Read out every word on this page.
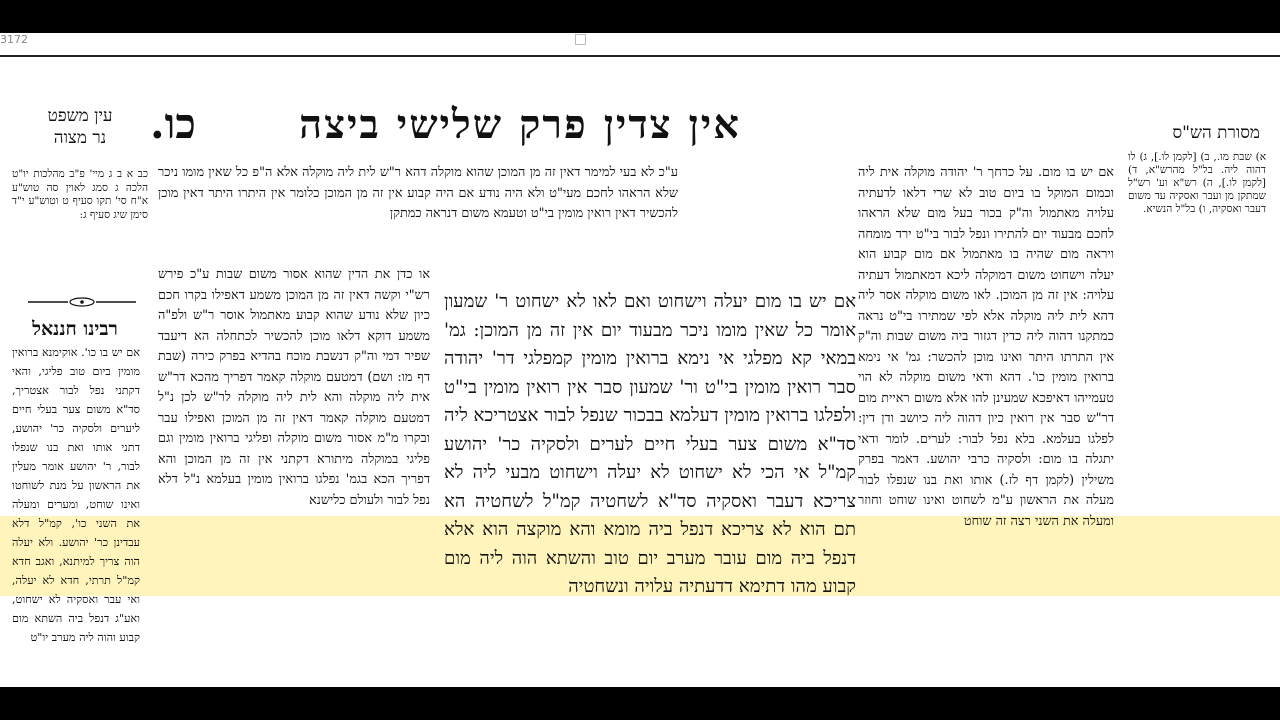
3172
מסורת הש"ס
אין צדין פרק שלישי ביצה
כו.
עין משפט
נר מצוה

א) שבת מו., ב) [לקמן לו.], ג) לו דהוה ליה. בל"ל מהרש"א, ד) [לקמן לו.], ה) רש"א וע' רש"ל שמתקן מן ועבר ואסקיה עד משום דעבר ואסקיה, ו) בל"ל הנשיא.

אם יש בו מום. על כרחך ר' יהודה מוקלה אית ליה וכמום המוקל בו ביום טוב לא שרי דלאו לדעתיה עלויה מאתמול וה"ק בכור בעל מום שלא הראהו לחכם מבעוד יום להתירו ונפל לבור בי"ט ירד מומחה ויראה מום שהיה בו מאתמול אם מום קבוע הוא יעלה וישחוט משום דמוקלה ליכא דמאתמול דעתיה עלויה: אין זה מן המוכן. לאו משום מוקלה אסר ליה דהא לית ליה מוקלה אלא לפי שמתירו בי"ט נראה כמתקנו דהוה ליה כדין דגזור ביה משום שבות וה"ק אין התרתו היתר ואינו מוכן להכשר: גמ' אי נימא ברואין מומין כו'. דהא ודאי משום מוקלה לא הוי טעמייהו דאיפכא שמעינן להו אלא משום ראיית מום דר"ש סבר אין רואין כיון דהוה ליה כיושב ודן דין: לפלגו בעלמא. בלא נפל לבור: לערים. לומר ודאי יתגלה בו מום: ולסקיה כרבי יהושע. דאמר בפרק משילין (לקמן דף לז.) אותו ואת בנו שנפלו לבור מעלה את הראשון ע"מ לשחוט ואינו שוחט וחוזר ומעלה את השני רצה זה שוחט

ע"כ לא בעי למימר דאין זה מן המוכן שהוא מוקלה דהא ר"ש לית ליה מוקלה אלא ה"פ כל שאין מומו ניכר שלא הראהו לחכם מעי"ט ולא היה נודע אם היה קבוע אין זה מן המוכן כלומר אין היתרו היתר דאין מוכן להכשיר דאין רואין מומין בי"ט וטעמא משום דנראה כמתקן

או כדן את הדין שהוא אסור משום שבות ע"כ פירש רש"י וקשה דאין זה מן המוכן משמע דאפילו בקרו חכם כיון שלא נודע שהוא קבוע מאתמול אוסר ר"ש ולפ"ה משמע דוקא דלאו מוכן להכשיר לכתחלה הא דיעבד שפיר דמי וה"ק דנשבת מוכח בהדיא בפרק כירה (שבת דף מו: ושם) דמטעם מוקלה קאמר דפריך מהכא דר"ש אית ליה מוקלה והא לית ליה מוקלה לר"ש לכן נ"ל דמטעם מוקלה קאמר דאין זה מן המוכן ואפילו עבר ובקרו מ"מ אסור משום מוקלה ופליגי ברואין מומין וגם פליגי במוקלה מיתורא דקתני אין זה מן המוכן והא דפריך הכא בגמ' נפלגו ברואין מומין בעלמא נ"ל דלא נפל לבור ולעולם כלישנא

אם יש בו מום יעלה וישחוט ואם לאו לא ישחוט ר' שמעון אומר כל שאין מומו ניכר מבעוד יום אין זה מן המוכן: גמ' במאי קא מפלגי אי נימא ברואין מומין קמפלגי דר' יהודה סבר רואין מומין בי"ט ור' שמעון סבר אין רואין מומין בי"ט ולפלגו ברואין מומין דעלמא בבכור שנפל לבור אצטריכא ליה סד"א משום צער בעלי חיים לערים ולסקיה כר' יהושע קמ"ל אי הכי לא ישחוט לא יעלה וישחוט מבעי ליה לא צריכא דעבר ואסקיה סד"א לשחטיה קמ"ל לשחטיה הא תם הוא לא צריכא דנפל ביה מומא והא מוקצה הוא אלא דנפל ביה מום עובר מערב יום טוב והשתא הוה ליה מום קבוע מהו דתימא דדעתיה עלויה ונשחטיה

כב א ב ג מיי' פ"ב מהלכות יו"ט הלכה ג סמג לאוין סה טוש"ע א"ח סי' תקו סעיף ט וטוש"ע י"ד סימן שיג סעיף ג:

רבינו חננאל

אם יש בו כו'. אוקימנא ברואין מומין ביום טוב פליגי, והאי דקתני נפל לבור אצטריך, סד"א משום צער בעלי חיים ליערים ולסקיה כר' יהושע, דתני אותו ואת בנו שנפלו לבור, ר' יהושע אומר מעלין את הראשון על מנת לשוחטו ואינו שוחט, ומערים ומעלה את השני כו', קמ"ל דלא עבדינן כר' יהושע. ולא יעלה הוה צריך למיתנא, ואגב חדא קמ"ל תרתי, חדא לא יעלה, ואי עבר ואסקיה לא ישחוט, ואע"ג דנפל ביה השתא מום קבוע והוה ליה מערב יו"ט
